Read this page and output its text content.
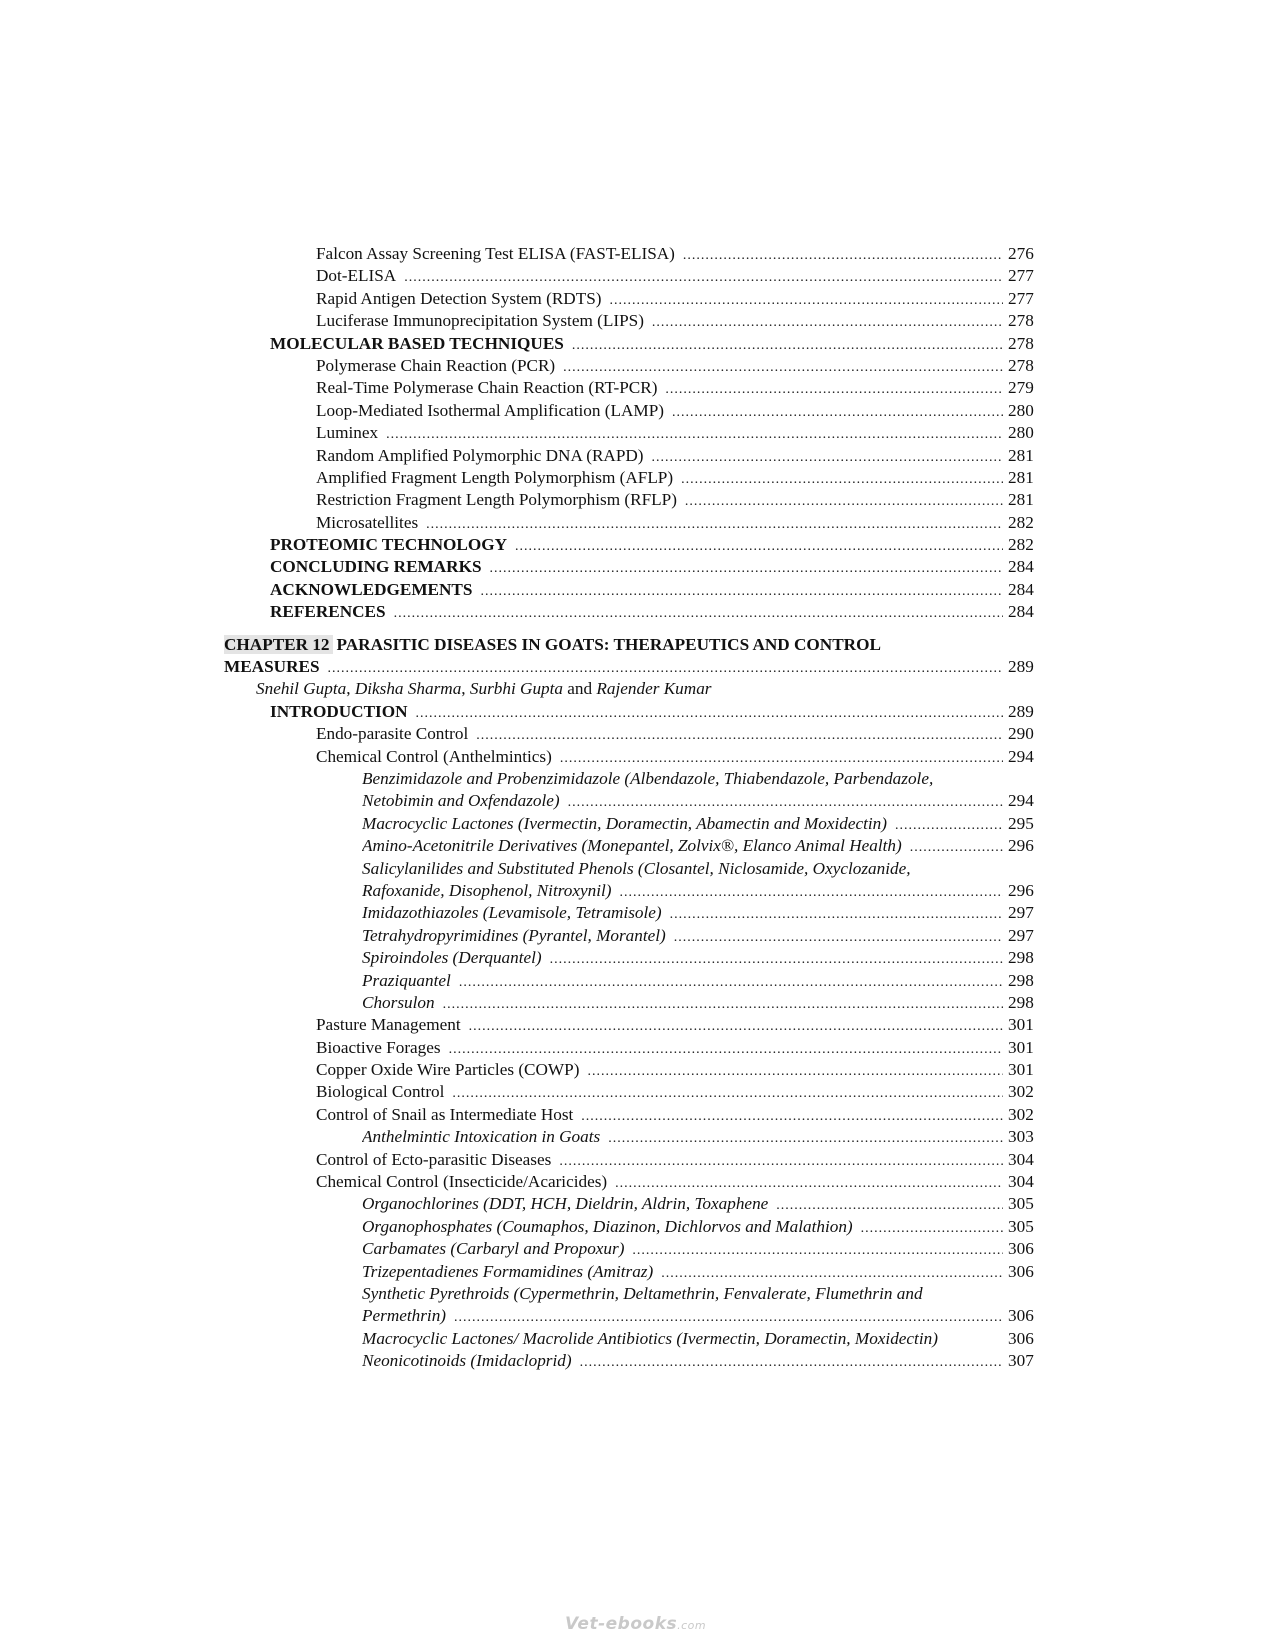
Falcon Assay Screening Test ELISA (FAST-ELISA) .....	276
Dot-ELISA .....	277
Rapid Antigen Detection System (RDTS) .....	277
Luciferase Immunoprecipitation System (LIPS) .....	278
MOLECULAR BASED TECHNIQUES .....	278
Polymerase Chain Reaction (PCR) .....	278
Real-Time Polymerase Chain Reaction (RT-PCR) .....	279
Loop-Mediated Isothermal Amplification (LAMP) .....	280
Luminex .....	280
Random Amplified Polymorphic DNA (RAPD) .....	281
Amplified Fragment Length Polymorphism (AFLP) .....	281
Restriction Fragment Length Polymorphism (RFLP) .....	281
Microsatellites .....	282
PROTEOMIC TECHNOLOGY .....	282
CONCLUDING REMARKS .....	284
ACKNOWLEDGEMENTS .....	284
REFERENCES .....	284
CHAPTER 12 PARASITIC DISEASES IN GOATS: THERAPEUTICS AND CONTROL
MEASURES .....	289
Snehil Gupta, Diksha Sharma, Surbhi Gupta and Rajender Kumar
INTRODUCTION .....	289
Endo-parasite Control .....	290
Chemical Control (Anthelmintics) .....	294
Benzimidazole and Probenzimidazole (Albendazole, Thiabendazole, Parbendazole,
Netobimin and Oxfendazole) .....	294
Macrocyclic Lactones (Ivermectin, Doramectin, Abamectin and Moxidectin) .....	295
Amino-Acetonitrile Derivatives (Monepantel, Zolvix®, Elanco Animal Health) .....	296
Salicylanilides and Substituted Phenols (Closantel, Niclosamide, Oxyclozanide,
Rafoxanide, Disophenol, Nitroxynil) .....	296
Imidazothiazoles (Levamisole, Tetramisole) .....	297
Tetrahydropyrimidines (Pyrantel, Morantel) .....	297
Spiroindoles (Derquantel) .....	298
Praziquantel .....	298
Chorsulon .....	298
Pasture Management .....	301
Bioactive Forages .....	301
Copper Oxide Wire Particles (COWP) .....	301
Biological Control .....	302
Control of Snail as Intermediate Host .....	302
Anthelmintic Intoxication in Goats .....	303
Control of Ecto-parasitic Diseases .....	304
Chemical Control (Insecticide/Acaricides) .....	304
Organochlorines (DDT, HCH, Dieldrin, Aldrin, Toxaphene .....	305
Organophosphates (Coumaphos, Diazinon, Dichlorvos and Malathion) .....	305
Carbamates (Carbaryl and Propoxur) .....	306
Trizepentadienes Formamidines (Amitraz) .....	306
Synthetic Pyrethroids (Cypermethrin, Deltamethrin, Fenvalerate, Flumethrin and
Permethrin) .....	306
Macrocyclic Lactones/ Macrolide Antibiotics (Ivermectin, Doramectin, Moxidectin)	306
Neonicotinoids (Imidacloprid) .....	307
Vet-ebooks.com
